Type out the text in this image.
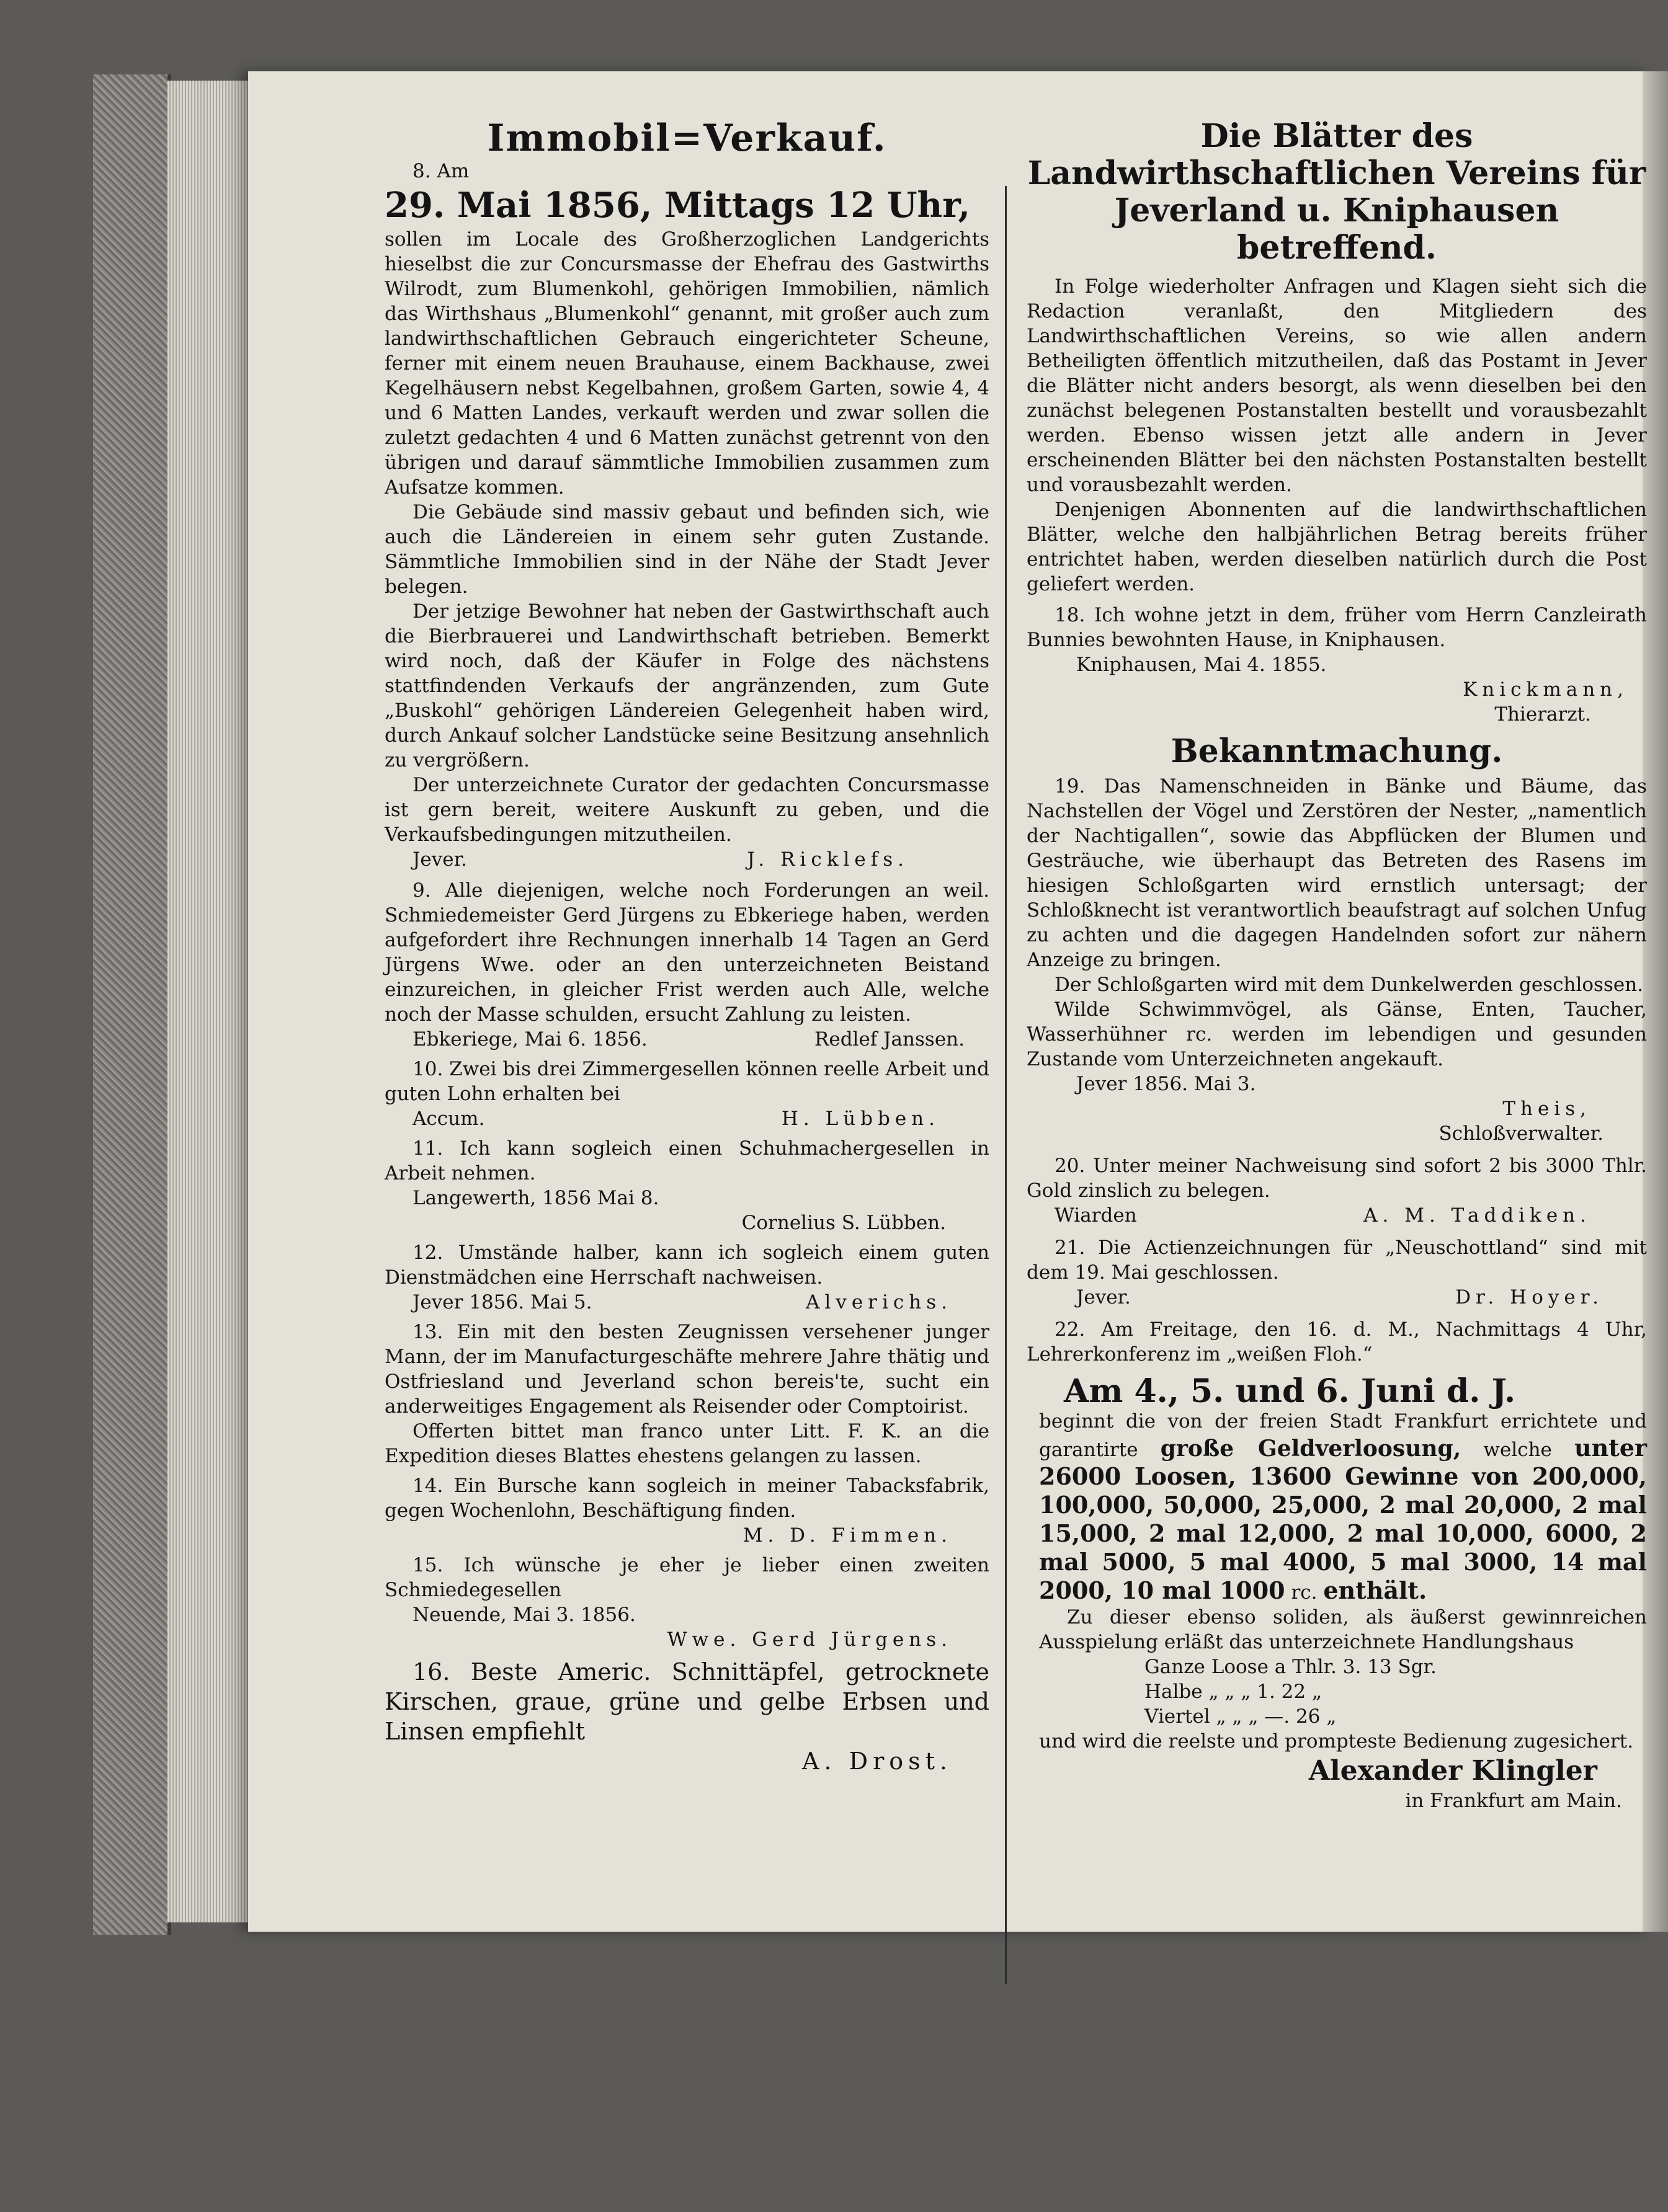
Immobil=Verkauf.

8. Am

29. Mai 1856, Mittags 12 Uhr,

sollen im Locale des Großherzoglichen Landgerichts hieselbst die zur Concursmasse der Ehefrau des Gastwirths Wilrodt, zum Blumenkohl, gehörigen Immobilien, nämlich das Wirthshaus „Blumenkohl“ genannt, mit großer auch zum landwirthschaftlichen Gebrauch eingerichteter Scheune, ferner mit einem neuen Brauhause, einem Backhause, zwei Kegelhäusern nebst Kegelbahnen, großem Garten, sowie 4, 4 und 6 Matten Landes, verkauft werden und zwar sollen die zuletzt gedachten 4 und 6 Matten zunächst getrennt von den übrigen und darauf sämmtliche Immobilien zusammen zum Aufsatze kommen.

Die Gebäude sind massiv gebaut und befinden sich, wie auch die Ländereien in einem sehr guten Zustande. Sämmtliche Immobilien sind in der Nähe der Stadt Jever belegen.

Der jetzige Bewohner hat neben der Gastwirthschaft auch die Bierbrauerei und Landwirthschaft betrieben. Bemerkt wird noch, daß der Käufer in Folge des nächstens stattfindenden Verkaufs der angränzenden, zum Gute „Buskohl“ gehörigen Ländereien Gelegenheit haben wird, durch Ankauf solcher Landstücke seine Besitzung ansehnlich zu vergrößern.

Der unterzeichnete Curator der gedachten Concursmasse ist gern bereit, weitere Auskunft zu geben, und die Verkaufsbedingungen mitzutheilen.

Jever.	J. Ricklefs.

9. Alle diejenigen, welche noch Forderungen an weil. Schmiedemeister Gerd Jürgens zu Ebkeriege haben, werden aufgefordert ihre Rechnungen innerhalb 14 Tagen an Gerd Jürgens Wwe. oder an den unterzeichneten Beistand einzureichen, in gleicher Frist werden auch Alle, welche noch der Masse schulden, ersucht Zahlung zu leisten.

Ebkeriege, Mai 6. 1856.	Redlef Janssen.

10. Zwei bis drei Zimmergesellen können reelle Arbeit und guten Lohn erhalten bei

Accum.	H. Lübben.

11. Ich kann sogleich einen Schuhmachergesellen in Arbeit nehmen.

Langewerth, 1856 Mai 8.

Cornelius S. Lübben.

12. Umstände halber, kann ich sogleich einem guten Dienstmädchen eine Herrschaft nachweisen.

Jever 1856. Mai 5.	Alverichs.

13. Ein mit den besten Zeugnissen versehener junger Mann, der im Manufacturgeschäfte mehrere Jahre thätig und Ostfriesland und Jeverland schon bereis'te, sucht ein anderweitiges Engagement als Reisender oder Comptoirist.

Offerten bittet man franco unter Litt. F. K. an die Expedition dieses Blattes ehestens gelangen zu lassen.

14. Ein Bursche kann sogleich in meiner Tabacksfabrik, gegen Wochenlohn, Beschäftigung finden.

M. D. Fimmen.

15. Ich wünsche je eher je lieber einen zweiten Schmiedegesellen

Neuende, Mai 3. 1856.

Wwe. Gerd Jürgens.

16. Beste Americ. Schnittäpfel, getrocknete Kirschen, graue, grüne und gelbe Erbsen und Linsen empfiehlt

A. Drost.

Die Blätter des Landwirthschaftlichen Vereins für Jeverland u. Kniphausen betreffend.

In Folge wiederholter Anfragen und Klagen sieht sich die Redaction veranlaßt, den Mitgliedern des Landwirthschaftlichen Vereins, so wie allen andern Betheiligten öffentlich mitzutheilen, daß das Postamt in Jever die Blätter nicht anders besorgt, als wenn dieselben bei den zunächst belegenen Postanstalten bestellt und vorausbezahlt werden. Ebenso wissen jetzt alle andern in Jever erscheinenden Blätter bei den nächsten Postanstalten bestellt und vorausbezahlt werden.

Denjenigen Abonnenten auf die landwirthschaftlichen Blätter, welche den halbjährlichen Betrag bereits früher entrichtet haben, werden dieselben natürlich durch die Post geliefert werden.

18. Ich wohne jetzt in dem, früher vom Herrn Canzleirath Bunnies bewohnten Hause, in Kniphausen.

Kniphausen, Mai 4. 1855.

Knickmann,

Thierarzt.

Bekanntmachung.

19. Das Namenschneiden in Bänke und Bäume, das Nachstellen der Vögel und Zerstören der Nester, „namentlich der Nachtigallen“, sowie das Abpflücken der Blumen und Gesträuche, wie überhaupt das Betreten des Rasens im hiesigen Schloßgarten wird ernstlich untersagt; der Schloßknecht ist verantwortlich beaufstragt auf solchen Unfug zu achten und die dagegen Handelnden sofort zur nähern Anzeige zu bringen.

Der Schloßgarten wird mit dem Dunkelwerden geschlossen.

Wilde Schwimmvögel, als Gänse, Enten, Taucher, Wasserhühner rc. werden im lebendigen und gesunden Zustande vom Unterzeichneten angekauft.

Jever 1856. Mai 3.

Theis,

Schloßverwalter.

20. Unter meiner Nachweisung sind sofort 2 bis 3000 Thlr. Gold zinslich zu belegen.

Wiarden	A. M. Taddiken.

21. Die Actienzeichnungen für „Neuschottland“ sind mit dem 19. Mai geschlossen.

Jever.	Dr. Hoyer.

22. Am Freitage, den 16. d. M., Nachmittags 4 Uhr, Lehrerkonferenz im „weißen Floh.“

Am 4., 5. und 6. Juni d. J.

beginnt die von der freien Stadt Frankfurt errichtete und garantirte große Geldverloosung, welche unter 26000 Loosen, 13600 Gewinne von 200,000, 100,000, 50,000, 25,000, 2 mal 20,000, 2 mal 15,000, 2 mal 12,000, 2 mal 10,000, 6000, 2 mal 5000, 5 mal 4000, 5 mal 3000, 14 mal 2000, 10 mal 1000 rc. enthält.

Zu dieser ebenso soliden, als äußerst gewinnreichen Ausspielung erläßt das unterzeichnete Handlungshaus

Ganze Loose a Thlr. 3. 13 Sgr.

Halbe „ „ „ 1. 22 „

Viertel „ „ „ —. 26 „

und wird die reelste und prompteste Bedienung zugesichert.

Alexander Klingler

in Frankfurt am Main.
